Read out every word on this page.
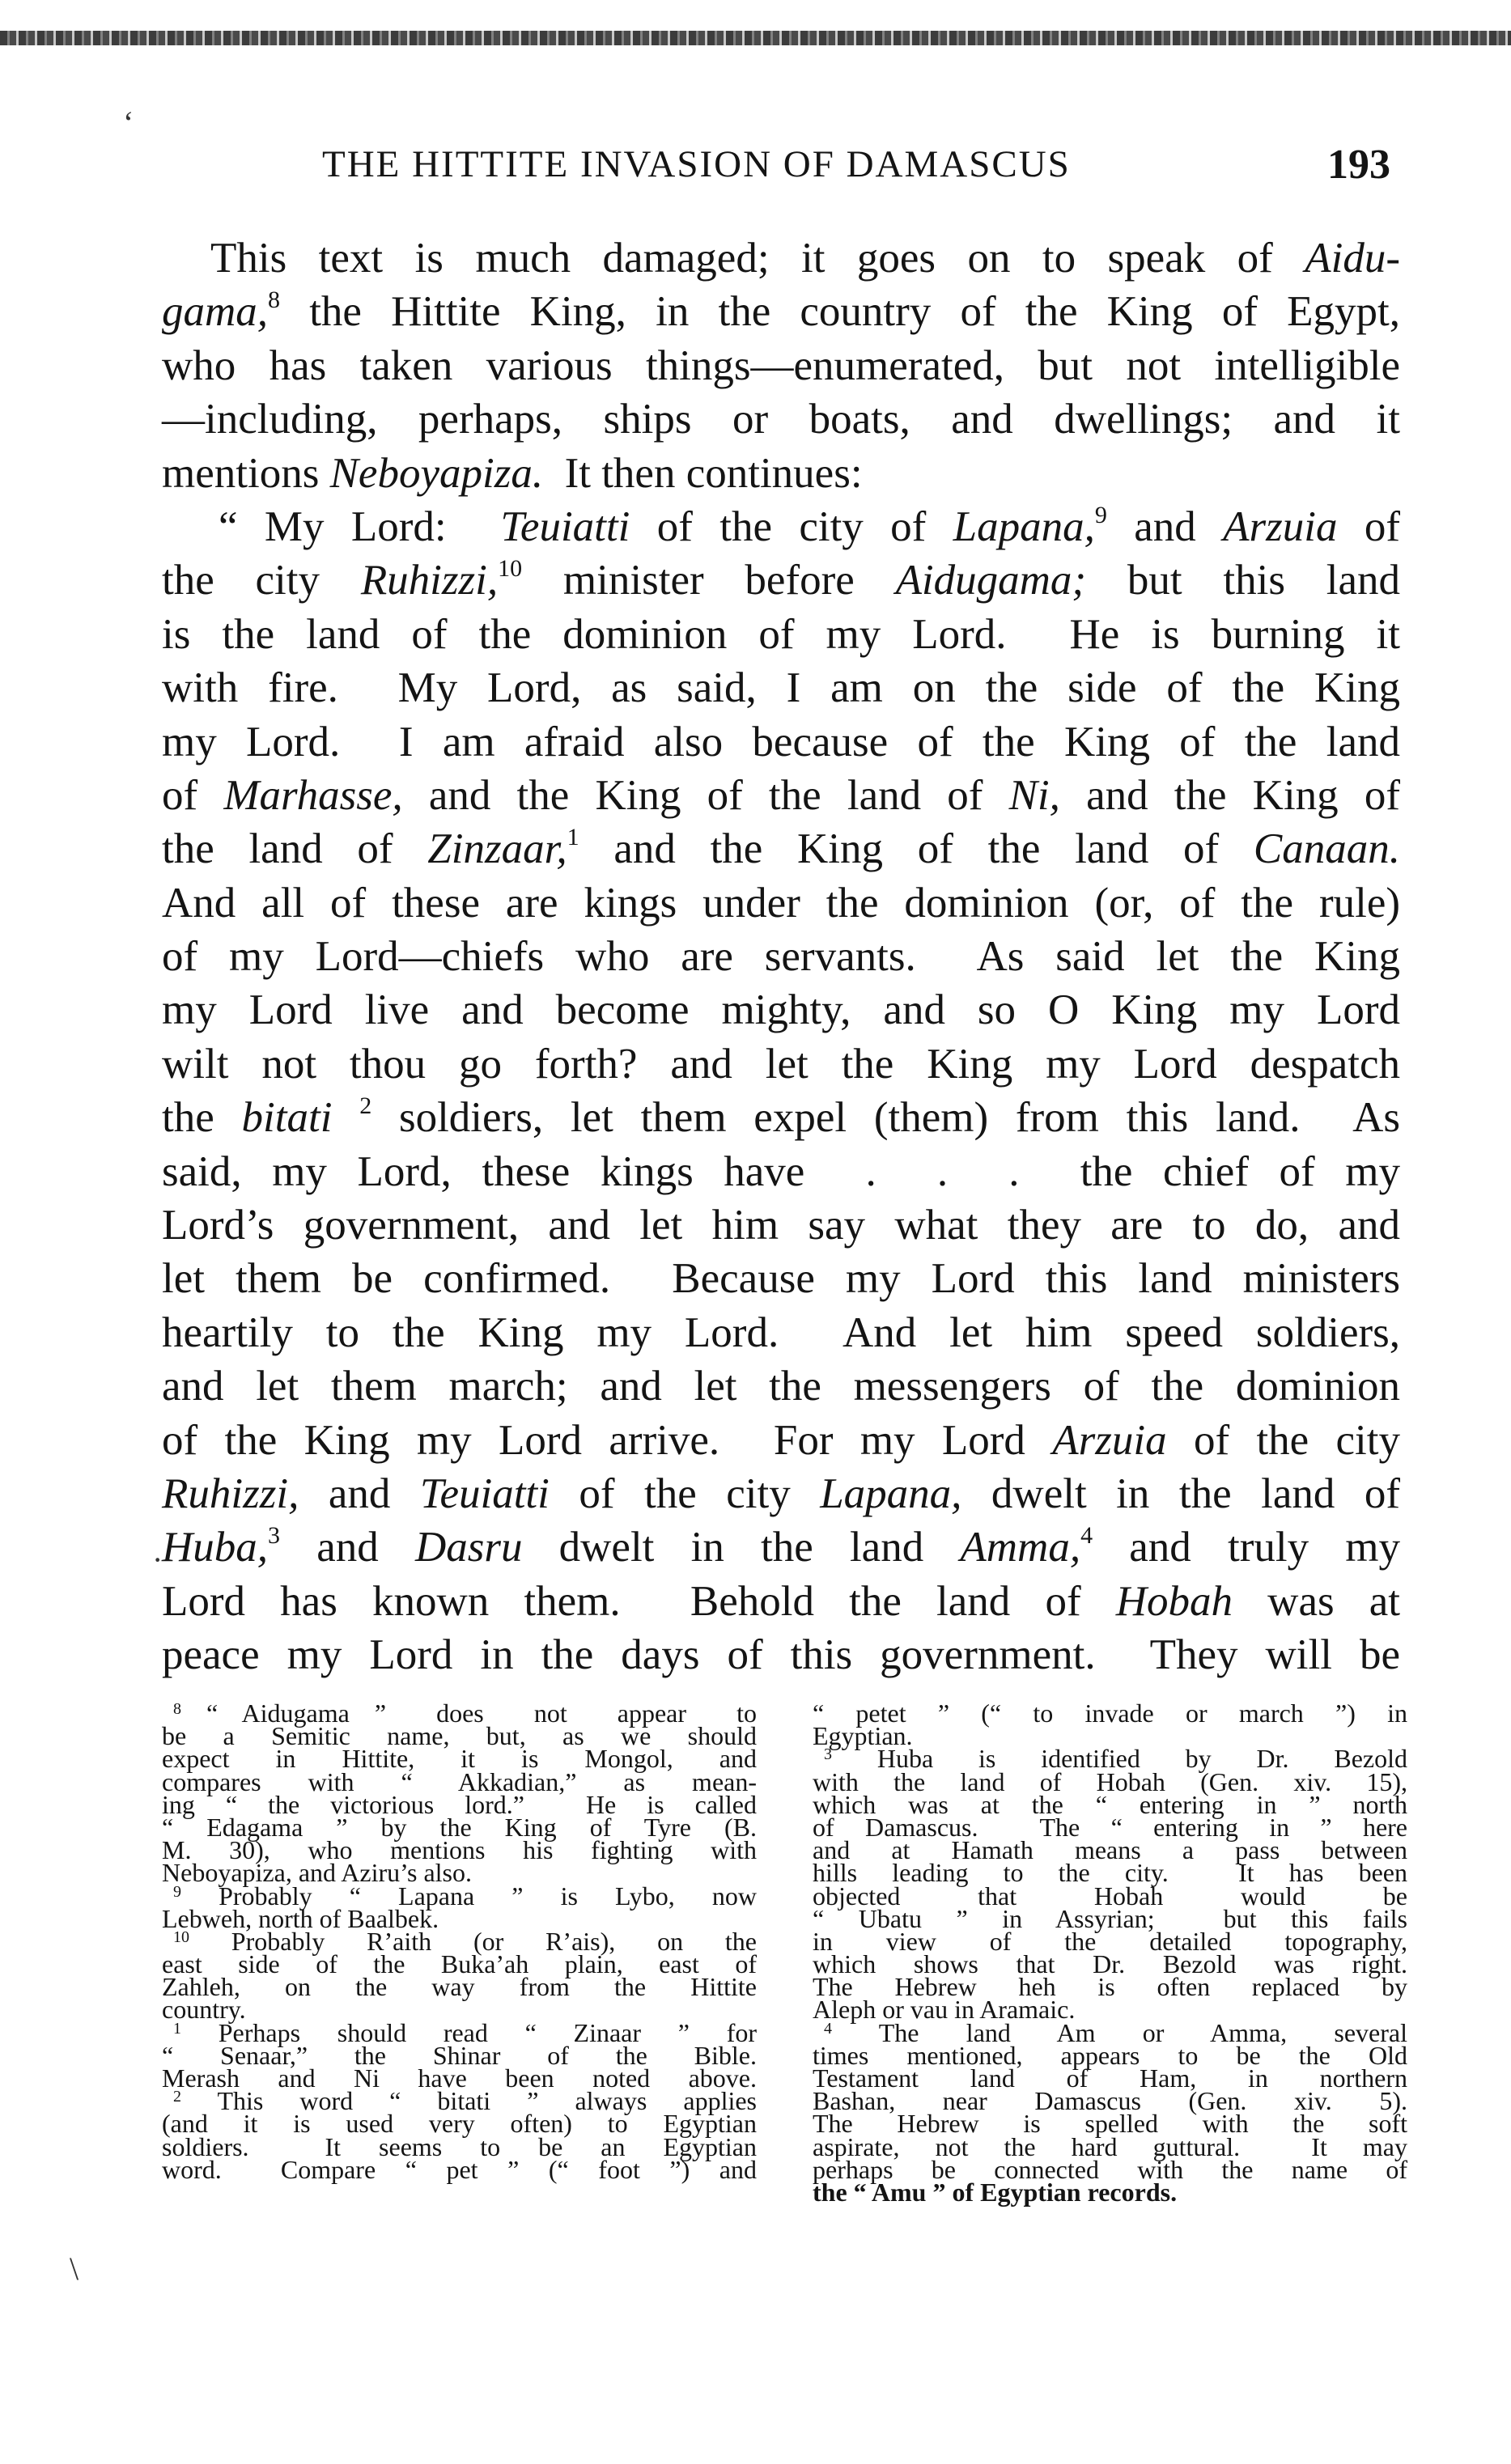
‘
·
\
THE HITTITE INVASION OF DAMASCUS	193
This text is much damaged; it goes on to speak of Aidu-
gama,$^8$ the Hittite King, in the country of the King of Egypt,
who has taken various things—enumerated, but not intelligible
—including, perhaps, ships or boats, and dwellings; and it
mentions Neboyapiza.  It then continues:
“ My Lord:  Teuiatti of the city of Lapana,$^9$ and Arzuia of
the city Ruhizzi,$^{10}$ minister before Aidugama; but this land
is the land of the dominion of my Lord.  He is burning it
with fire.  My Lord, as said, I am on the side of the King
my Lord.  I am afraid also because of the King of the land
of Marhasse, and the King of the land of Ni, and the King of
the land of Zinzaar,$^1$ and the King of the land of Canaan.
And all of these are kings under the dominion (or, of the rule)
of my Lord—chiefs who are servants.  As said let the King
my Lord live and become mighty, and so O King my Lord
wilt not thou go forth? and let the King my Lord despatch
the bitati $^2$ soldiers, let them expel (them) from this land.  As
said, my Lord, these kings have  .  .  .  the chief of my
Lord’s government, and let him say what they are to do, and
let them be confirmed.  Because my Lord this land ministers
heartily to the King my Lord.  And let him speed soldiers,
and let them march; and let the messengers of the dominion
of the King my Lord arrive.  For my Lord Arzuia of the city
Ruhizzi, and Teuiatti of the city Lapana, dwelt in the land of
Huba,$^3$ and Dasru dwelt in the land Amma,$^4$ and truly my
Lord has known them.  Behold the land of Hobah was at
peace my Lord in the days of this government.  They will be
$^8$ “ Aidugama ”  does  not  appear  to
be a Semitic name, but, as we should
expect in Hittite, it is Mongol, and
compares with “ Akkadian,” as mean-
ing “ the victorious lord.”  He is called
“ Edagama ” by the King of Tyre (B.
M. 30), who mentions his fighting with
Neboyapiza, and Aziru’s also.
$^9$ Probably “ Lapana ” is Lybo, now
Lebweh, north of Baalbek.
$^{10}$ Probably R’aith (or R’ais), on the
east side of the Buka’ah plain, east of
Zahleh, on the way from the Hittite
country.
$^1$ Perhaps should read “ Zinaar ” for
“ Senaar,” the Shinar of the Bible.
Merash and Ni have been noted above.
$^2$ This word “ bitati ” always applies
(and it is used very often) to Egyptian
soldiers.  It seems to be an Egyptian
word.  Compare “ pet ” (“ foot ”) and
“ petet ” (“ to invade or march ”) in
Egyptian.
$^3$ Huba is identified by Dr. Bezold
with the land of Hobah (Gen. xiv. 15),
which was at the “ entering in ” north
of Damascus.  The “ entering in ” here
and at Hamath means a pass between
hills leading to the city.  It has been
objected  that  Hobah  would  be
“ Ubatu ” in Assyrian;  but this fails
in view of the detailed topography,
which shows that Dr. Bezold was right.
The Hebrew heh is often replaced by
Aleph or vau in Aramaic.
$^4$ The land Am or Amma, several
times mentioned, appears to be the Old
Testament land of Ham, in northern
Bashan, near Damascus (Gen. xiv. 5).
The Hebrew is spelled with the soft
aspirate, not the hard guttural.  It may
perhaps be connected with the name of
the “ Amu ” of Egyptian records.
